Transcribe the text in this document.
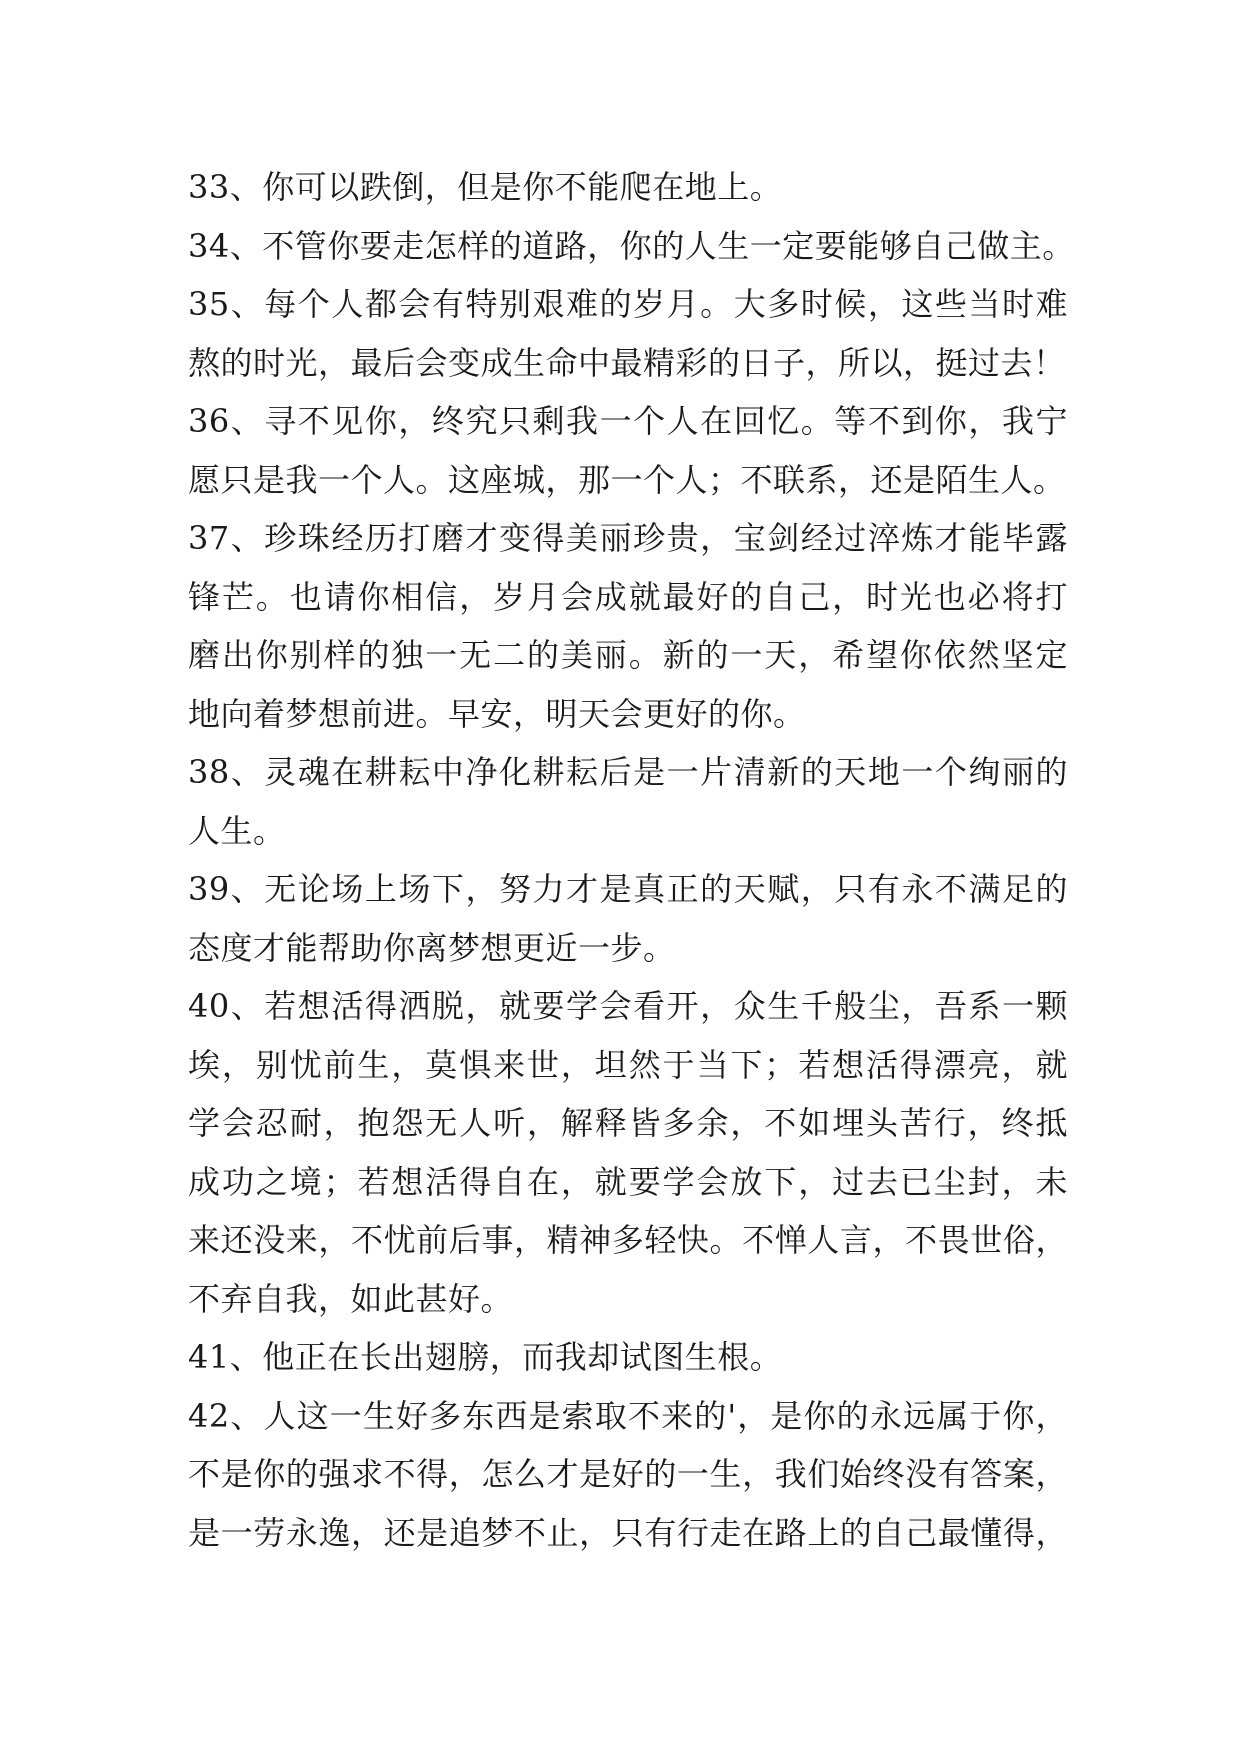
33、你可以跌倒，但是你不能爬在地上。
34、不管你要走怎样的道路，你的人生一定要能够自己做主。
35、每个人都会有特别艰难的岁月。大多时候，这些当时难
熬的时光，最后会变成生命中最精彩的日子，所以，挺过去！
36、寻不见你，终究只剩我一个人在回忆。等不到你，我宁
愿只是我一个人。这座城，那一个人；不联系，还是陌生人。
37、珍珠经历打磨才变得美丽珍贵，宝剑经过淬炼才能毕露
锋芒。也请你相信，岁月会成就最好的自己，时光也必将打
磨出你别样的独一无二的美丽。新的一天，希望你依然坚定
地向着梦想前进。早安，明天会更好的你。
38、灵魂在耕耘中净化耕耘后是一片清新的天地一个绚丽的
人生。
39、无论场上场下，努力才是真正的天赋，只有永不满足的
态度才能帮助你离梦想更近一步。
40、若想活得洒脱，就要学会看开，众生千般尘，吾系一颗
埃，别忧前生，莫惧来世，坦然于当下；若想活得漂亮，就
学会忍耐，抱怨无人听，解释皆多余，不如埋头苦行，终抵
成功之境；若想活得自在，就要学会放下，过去已尘封，未
来还没来，不忧前后事，精神多轻快。不惮人言，不畏世俗，
不弃自我，如此甚好。
41、他正在长出翅膀，而我却试图生根。
42、人这一生好多东西是索取不来的'，是你的永远属于你，
不是你的强求不得，怎么才是好的一生，我们始终没有答案，
是一劳永逸，还是追梦不止，只有行走在路上的自己最懂得，
